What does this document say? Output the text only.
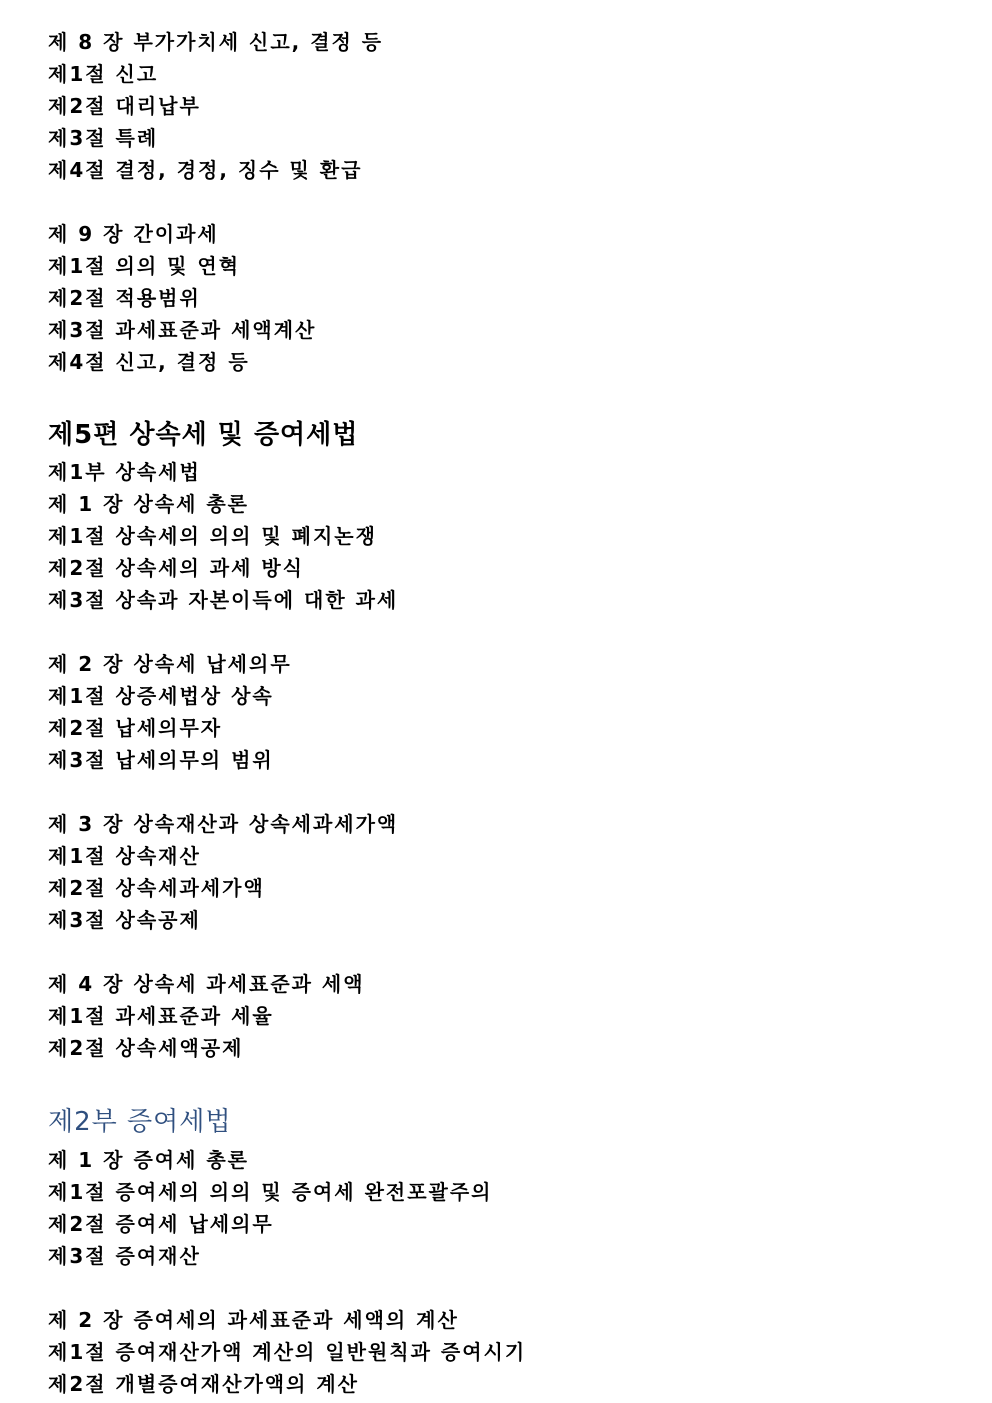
제 8 장 부가가치세 신고, 결정 등
제1절 신고
제2절 대리납부
제3절 특례
제4절 결정, 경정, 징수 및 환급
제 9 장 간이과세
제1절 의의 및 연혁
제2절 적용범위
제3절 과세표준과 세액계산
제4절 신고, 결정 등
제5편 상속세 및 증여세법
제1부 상속세법
제 1 장 상속세 총론
제1절 상속세의 의의 및 폐지논쟁
제2절 상속세의 과세 방식
제3절 상속과 자본이득에 대한 과세
제 2 장 상속세 납세의무
제1절 상증세법상 상속
제2절 납세의무자
제3절 납세의무의 범위
제 3 장 상속재산과 상속세과세가액
제1절 상속재산
제2절 상속세과세가액
제3절 상속공제
제 4 장 상속세 과세표준과 세액
제1절 과세표준과 세율
제2절 상속세액공제
제2부 증여세법
제 1 장 증여세 총론
제1절 증여세의 의의 및 증여세 완전포괄주의
제2절 증여세 납세의무
제3절 증여재산
제 2 장 증여세의 과세표준과 세액의 계산
제1절 증여재산가액 계산의 일반원칙과 증여시기
제2절 개별증여재산가액의 계산
